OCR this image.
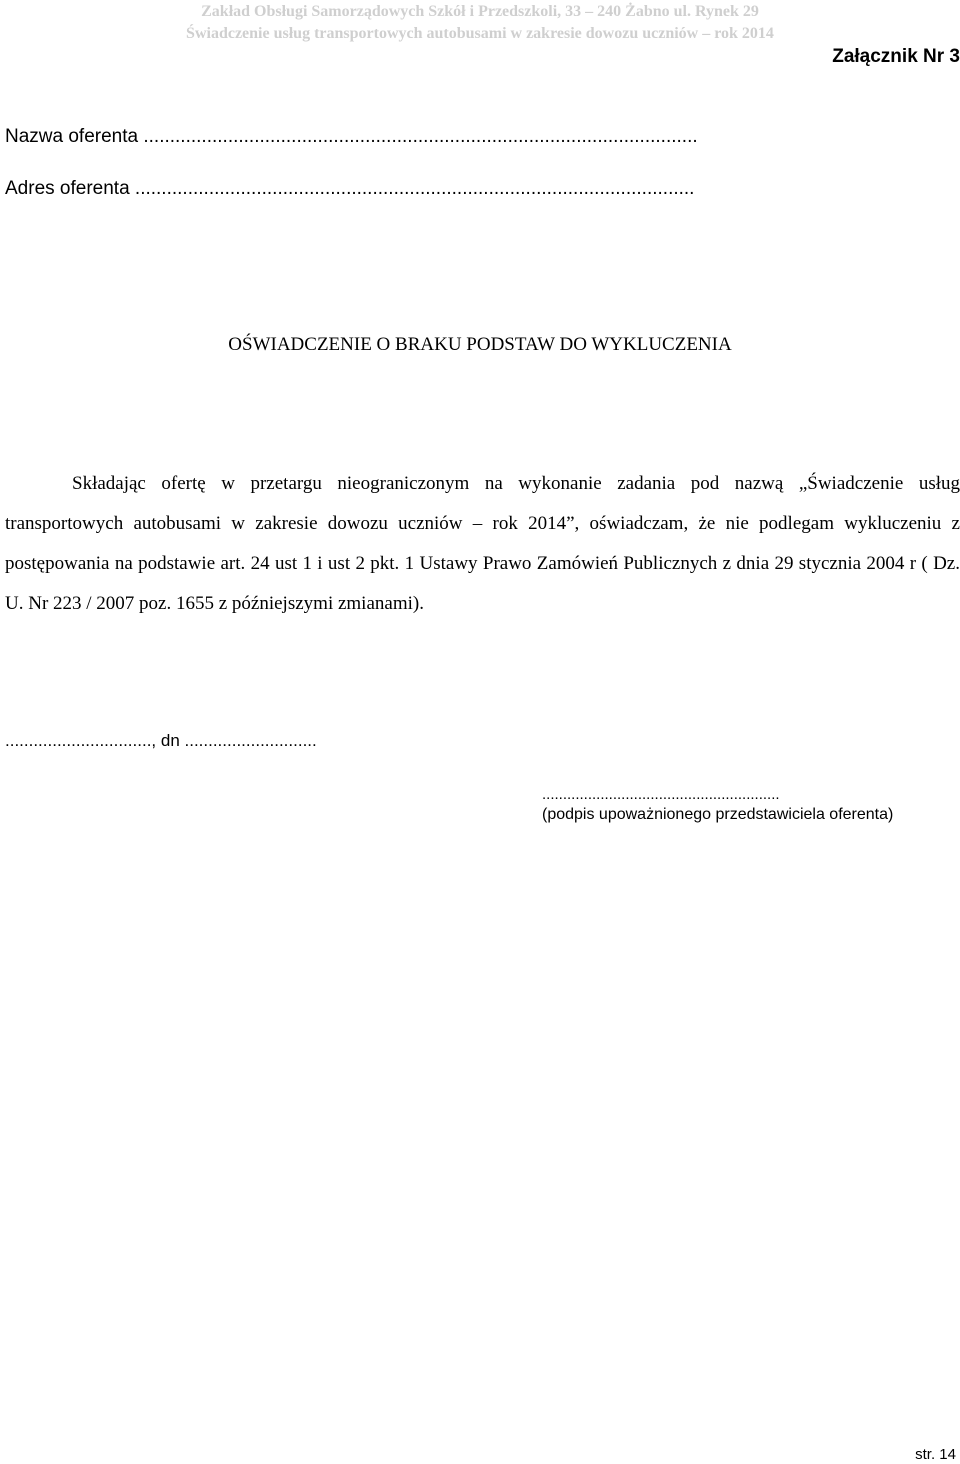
Zakład Obsługi Samorządowych Szkół i Przedszkoli, 33 – 240 Żabno ul. Rynek 29
Świadczenie usług transportowych autobusami w zakresie dowozu uczniów – rok 2014
Załącznik Nr 3
Nazwa oferenta .........................................................................................................
Adres oferenta ..........................................................................................................
OŚWIADCZENIE O BRAKU PODSTAW DO WYKLUCZENIA

Składając ofertę w przetargu nieograniczonym na wykonanie zadania pod nazwą „Świadczenie usług transportowych autobusami w zakresie dowozu uczniów – rok 2014”, oświadczam, że nie podlegam wykluczeniu z postępowania na podstawie art. 24 ust 1 i ust 2 pkt. 1 Ustawy Prawo Zamówień Publicznych z dnia 29 stycznia 2004 r ( Dz. U. Nr 223 / 2007 poz. 1655 z późniejszymi zmianami).

..............................., dn ............................
.........................................................
(podpis upoważnionego przedstawiciela oferenta)
str. 14
